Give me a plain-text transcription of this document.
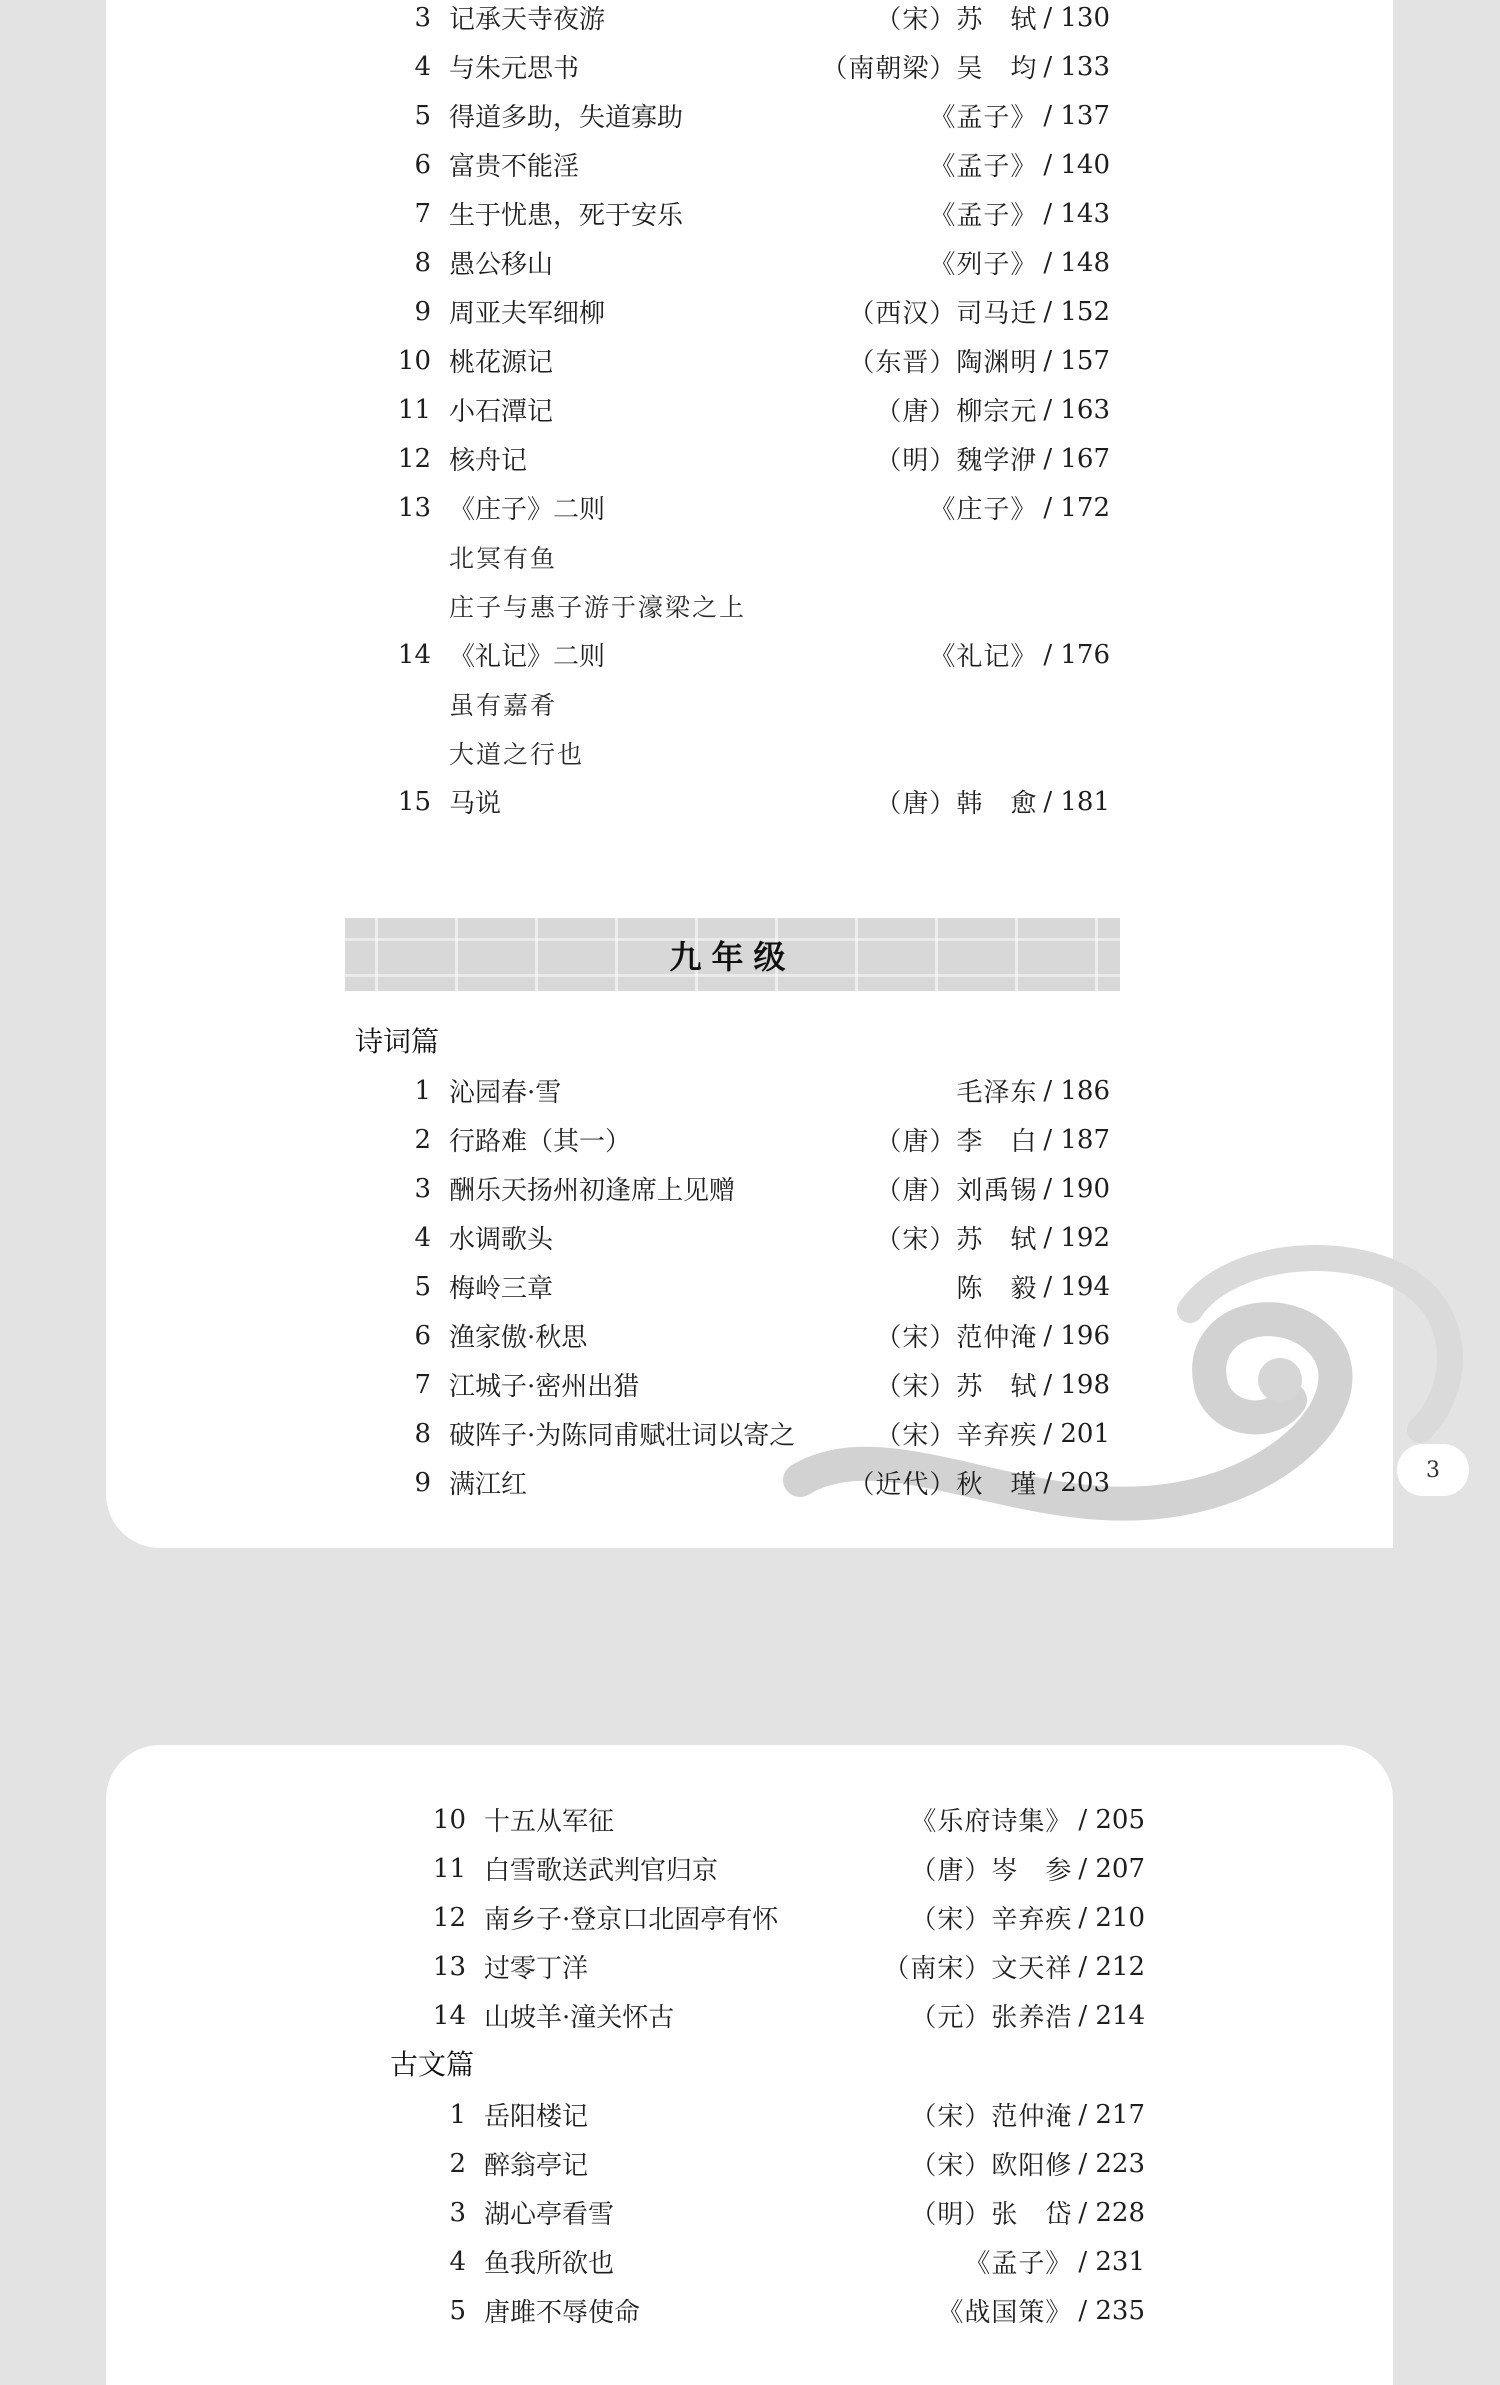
3
3 记承天寺夜游	（宋）苏　轼 / 130
4 与朱元思书	（南朝梁）吴　均 / 133
5 得道多助，失道寡助	《孟子》 / 137
6 富贵不能淫	《孟子》 / 140
7 生于忧患，死于安乐	《孟子》 / 143
8 愚公移山	《列子》 / 148
9 周亚夫军细柳	（西汉）司马迁 / 152
10 桃花源记	（东晋）陶渊明 / 157
11 小石潭记	（唐）柳宗元 / 163
12 核舟记	（明）魏学洢 / 167
13 《庄子》二则	《庄子》 / 172
北冥有鱼
庄子与惠子游于濠梁之上
14 《礼记》二则	《礼记》 / 176
虽有嘉肴
大道之行也
15 马说	（唐）韩　愈 / 181
九年级
诗词篇
1 沁园春·雪	毛泽东 / 186
2 行路难（其一）	（唐）李　白 / 187
3 酬乐天扬州初逢席上见赠	（唐）刘禹锡 / 190
4 水调歌头	（宋）苏　轼 / 192
5 梅岭三章	陈　毅 / 194
6 渔家傲·秋思	（宋）范仲淹 / 196
7 江城子·密州出猎	（宋）苏　轼 / 198
8 破阵子·为陈同甫赋壮词以寄之	（宋）辛弃疾 / 201
9 满江红	（近代）秋　瑾 / 203
10 十五从军征	《乐府诗集》 / 205
11 白雪歌送武判官归京	（唐）岑　参 / 207
12 南乡子·登京口北固亭有怀	（宋）辛弃疾 / 210
13 过零丁洋	（南宋）文天祥 / 212
14 山坡羊·潼关怀古	（元）张养浩 / 214
古文篇
1 岳阳楼记	（宋）范仲淹 / 217
2 醉翁亭记	（宋）欧阳修 / 223
3 湖心亭看雪	（明）张　岱 / 228
4 鱼我所欲也	《孟子》 / 231
5 唐雎不辱使命	《战国策》 / 235
